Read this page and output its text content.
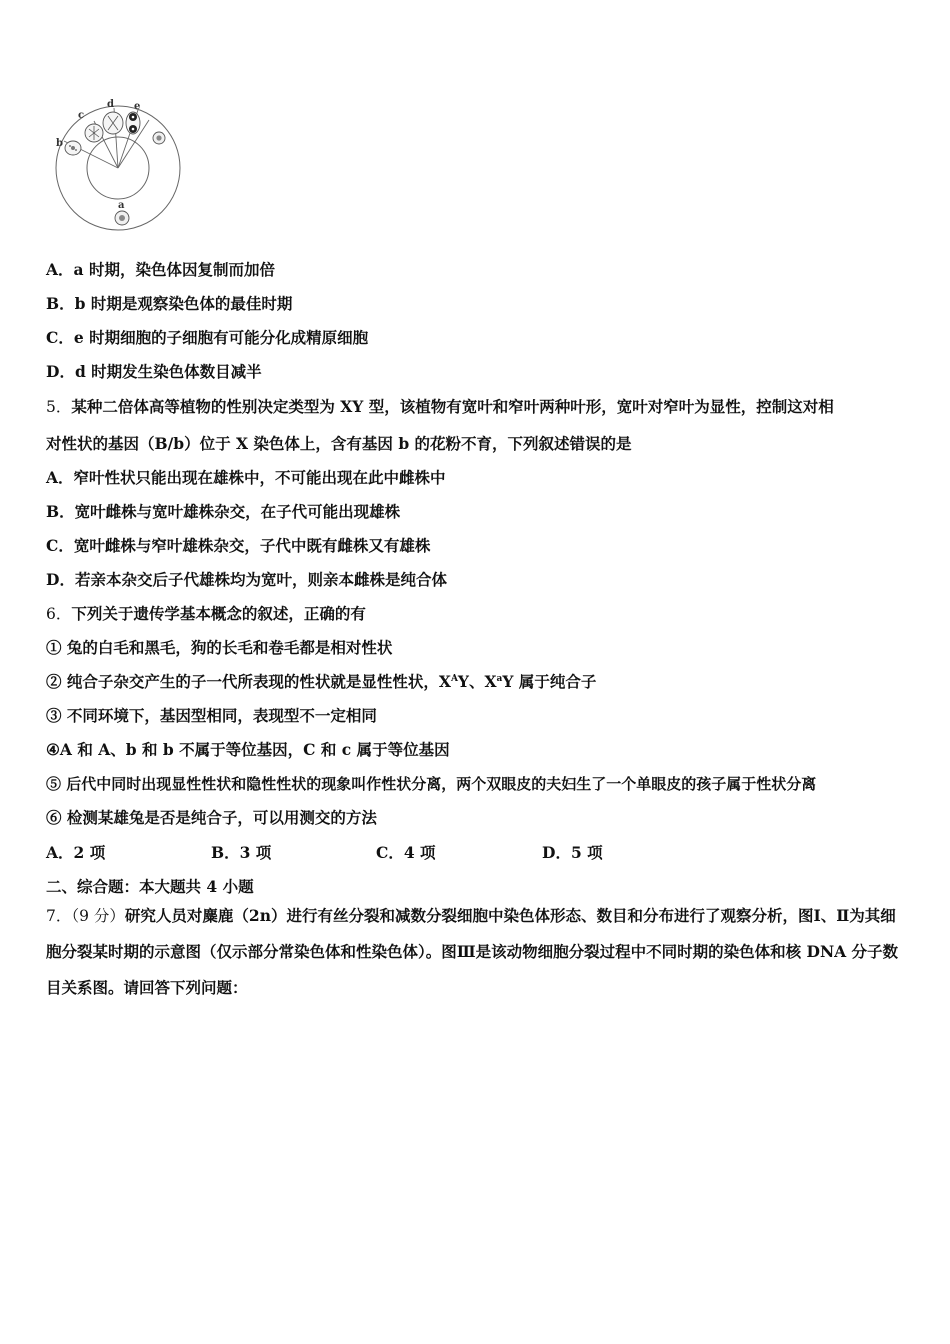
b
c
d e
a
A．a 时期，染色体因复制而加倍
B．b 时期是观察染色体的最佳时期
C．e 时期细胞的子细胞有可能分化成精原细胞
D．d 时期发生染色体数目减半
5．某种二倍体高等植物的性别决定类型为 XY 型，该植物有宽叶和窄叶两种叶形，宽叶对窄叶为显性，控制这对相
对性状的基因（B/b）位于 X 染色体上，含有基因 b 的花粉不育，下列叙述错误的是
A．窄叶性状只能出现在雄株中，不可能出现在此中雌株中
B．宽叶雌株与宽叶雄株杂交，在子代可能出现雄株
C．宽叶雌株与窄叶雄株杂交，子代中既有雌株又有雄株
D．若亲本杂交后子代雄株均为宽叶，则亲本雌株是纯合体
6．下列关于遗传学基本概念的叙述，正确的有
① 兔的白毛和黑毛，狗的长毛和卷毛都是相对性状
② 纯合子杂交产生的子一代所表现的性状就是显性性状，$X^AY$、$X^aY$ 属于纯合子
③ 不同环境下，基因型相同，表现型不一定相同
④A 和 A、b 和 b 不属于等位基因，C 和 c 属于等位基因
⑤ 后代中同时出现显性性状和隐性性状的现象叫作性状分离，两个双眼皮的夫妇生了一个单眼皮的孩子属于性状分离
⑥ 检测某雄兔是否是纯合子，可以用测交的方法
A．2 项	B．3 项	C．4 项	D．5 项
二、综合题：本大题共 4 小题
7．（9 分）研究人员对麋鹿（2n）进行有丝分裂和减数分裂细胞中染色体形态、数目和分布进行了观察分析，图Ⅰ、Ⅱ为其细胞分裂某时期的示意图（仅示部分常染色体和性染色体）。图Ⅲ是该动物细胞分裂过程中不同时期的染色体和核 DNA 分子数目关系图。请回答下列问题：
